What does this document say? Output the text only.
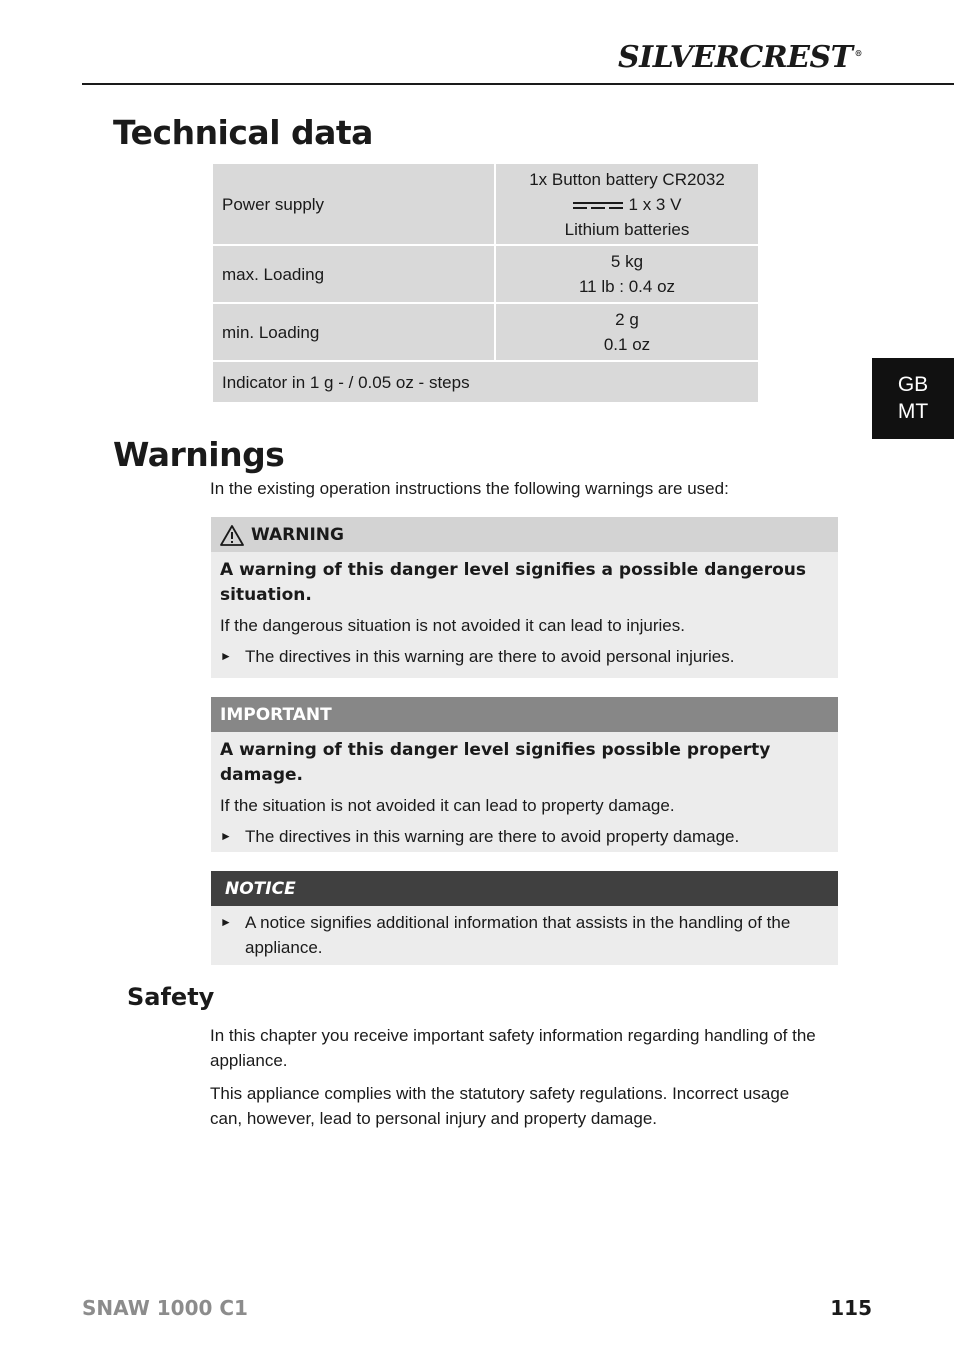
SILVERCREST ®
Technical data
Power supply	1x Button battery CR2032
1 x 3 V
Lithium batteries

max. Loading	5 kg
11 lb : 0.4 oz

min. Loading	2 g
0.1 oz

Indicator in 1 g - / 0.05 oz - steps		GB
MT
Warnings
In the existing operation instructions the following warnings are used:
WARNING
A warning of this danger level signifies a possible dangerous situation.
If the dangerous situation is not avoided it can lead to injuries.
► The directives in this warning are there to avoid personal injuries.
IMPORTANT
A warning of this danger level signifies possible property damage.
If the situation is not avoided it can lead to property damage.
► The directives in this warning are there to avoid property damage.
NOTICE
► A notice signifies additional information that assists in the handling of the appliance.
Safety
In this chapter you receive important safety information regarding handling of the appliance.
This appliance complies with the statutory safety regulations. Incorrect usage can, however, lead to personal injury and property damage.
SNAW 1000 C1	115
